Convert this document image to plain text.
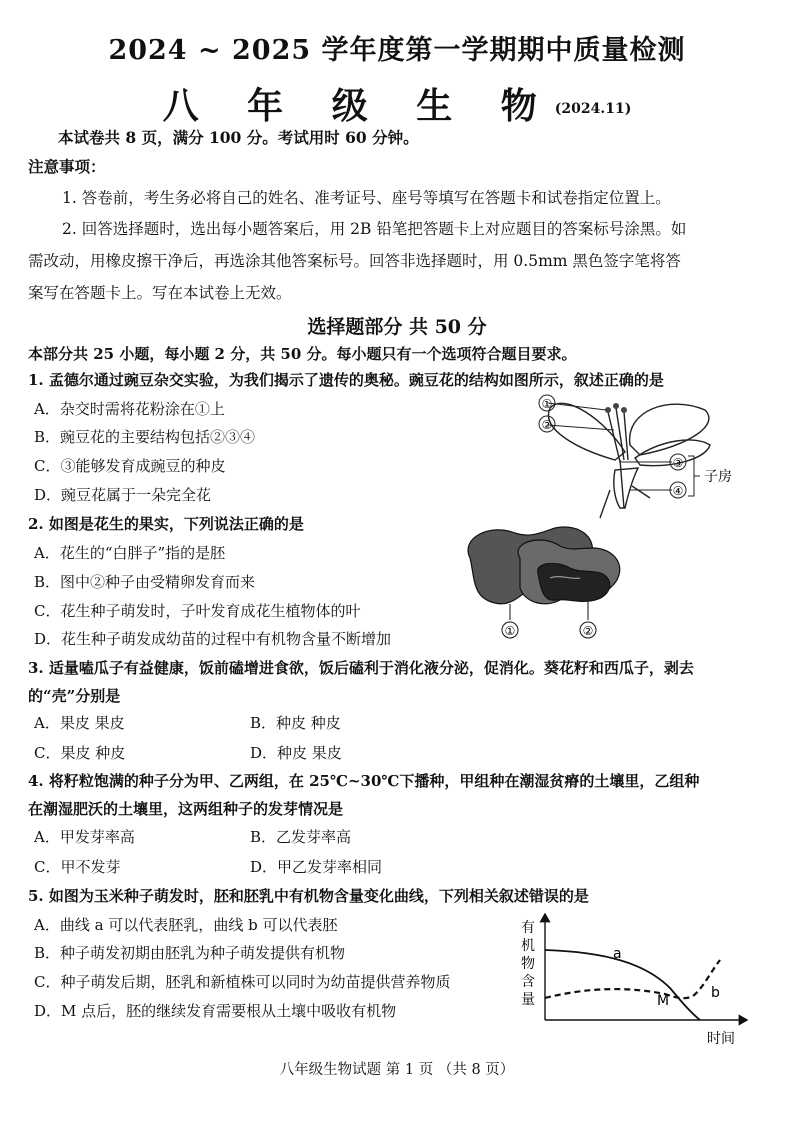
2024 ~ 2025 学年度第一学期期中质量检测
八 年 级 生 物(2024.11)
本试卷共 8 页，满分 100 分。考试用时 60 分钟。
注意事项：
1. 答卷前，考生务必将自己的姓名、准考证号、座号等填写在答题卡和试卷指定位置上。
2. 回答选择题时，选出每小题答案后，用 2B 铅笔把答题卡上对应题目的答案标号涂黑。如
需改动，用橡皮擦干净后，再选涂其他答案标号。回答非选择题时，用 0.5mm 黑色签字笔将答
案写在答题卡上。写在本试卷上无效。
选择题部分 共 50 分
本部分共 25 小题，每小题 2 分，共 50 分。每小题只有一个选项符合题目要求。
1. 孟德尔通过豌豆杂交实验，为我们揭示了遗传的奥秘。豌豆花的结构如图所示，叙述正确的是
A．杂交时需将花粉涂在①上
B．豌豆花的主要结构包括②③④
C．③能够发育成豌豆的种皮
D．豌豆花属于一朵完全花
①
②
③
④
子房
2. 如图是花生的果实，下列说法正确的是
A．花生的“白胖子”指的是胚
B．图中②种子由受精卵发育而来
C．花生种子萌发时，子叶发育成花生植物体的叶
D．花生种子萌发成幼苗的过程中有机物含量不断增加	①	②
3. 适量嗑瓜子有益健康，饭前磕增进食欲，饭后磕利于消化液分泌，促消化。葵花籽和西瓜子，剥去
的“壳”分别是
A．果皮 果皮	B．种皮 种皮
C．果皮 种皮	D．种皮 果皮
4. 将籽粒饱满的种子分为甲、乙两组，在 25℃~30℃下播种，甲组种在潮湿贫瘠的土壤里，乙组种
在潮湿肥沃的土壤里，这两组种子的发芽情况是
A．甲发芽率高	B．乙发芽率高
C．甲不发芽	D．甲乙发芽率相同
5. 如图为玉米种子萌发时，胚和胚乳中有机物含量变化曲线，下列相关叙述错误的是
A．曲线 a 可以代表胚乳，曲线 b 可以代表胚
B．种子萌发初期由胚乳为种子萌发提供有机物
C．种子萌发后期，胚乳和新植株可以同时为幼苗提供营养物质
D．M 点后，胚的继续发育需要根从土壤中吸收有机物
有
机
物
含
量
a
b
M
时间
八年级生物试题 第 1 页 （共 8 页）
